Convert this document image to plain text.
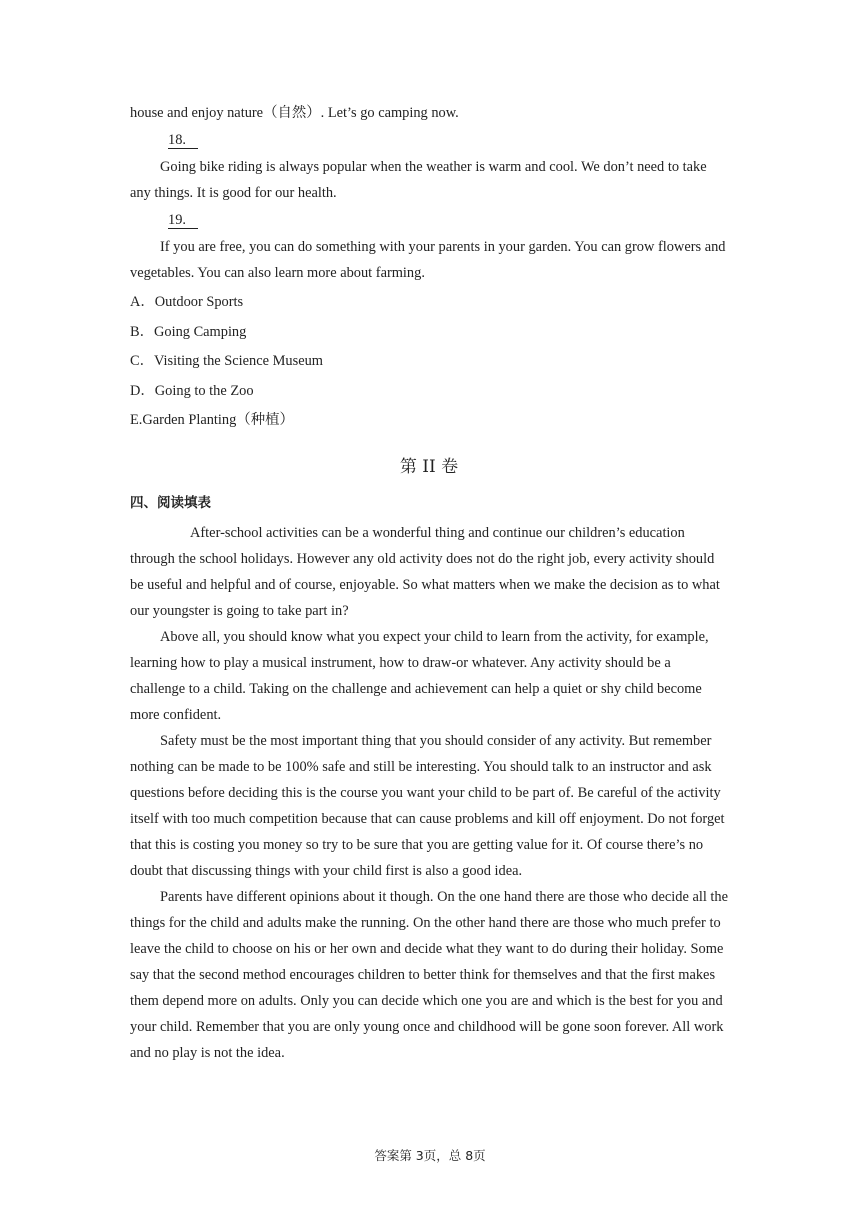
house and enjoy nature（自然）. Let’s go camping now.

18.

Going bike riding is always popular when the weather is warm and cool. We don’t need to take any things. It is good for our health.

19.

If you are free, you can do something with your parents in your garden. You can grow flowers and vegetables. You can also learn more about farming.

A．Outdoor Sports

B．Going Camping

C．Visiting the Science Museum

D．Going to the Zoo

E.Garden Planting（种植）

第 II 卷

四、阅读填表

After-school activities can be a wonderful thing and continue our children’s education through the school holidays. However any old activity does not do the right job, every activity should be useful and helpful and of course, enjoyable. So what matters when we make the decision as to what our youngster is going to take part in?

Above all, you should know what you expect your child to learn from the activity, for example, learning how to play a musical instrument, how to draw-or whatever. Any activity should be a challenge to a child. Taking on the challenge and achievement can help a quiet or shy child become more confident.

Safety must be the most important thing that you should consider of any activity. But remember nothing can be made to be 100% safe and still be interesting. You should talk to an instructor and ask questions before deciding this is the course you want your child to be part of. Be careful of the activity itself with too much competition because that can cause problems and kill off enjoyment. Do not forget that this is costing you money so try to be sure that you are getting value for it. Of course there’s no doubt that discussing things with your child first is also a good idea.

Parents have different opinions about it though. On the one hand there are those who decide all the things for the child and adults make the running. On the other hand there are those who much prefer to leave the child to choose on his or her own and decide what they want to do during their holiday. Some say that the second method encourages children to better think for themselves and that the first makes them depend more on adults. Only you can decide which one you are and which is the best for you and your child. Remember that you are only young once and childhood will be gone soon forever. All work and no play is not the idea.

答案第 3页，总 8页
